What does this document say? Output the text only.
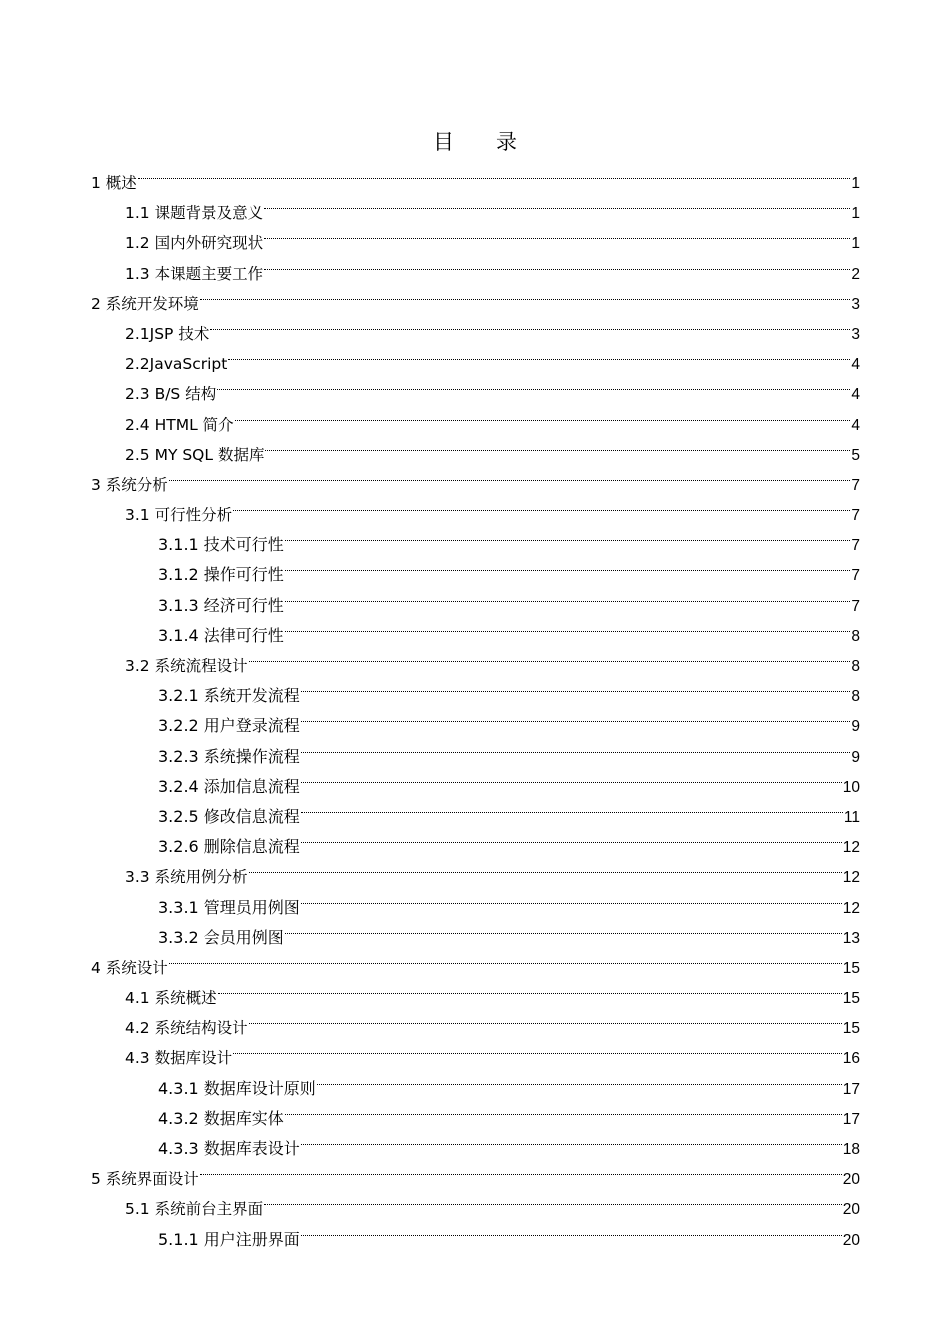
目　　录
1 概述	1
1.1 课题背景及意义	1
1.2 国内外研究现状	1
1.3 本课题主要工作	2
2 系统开发环境	3
2.1JSP 技术	3
2.2JavaScript	4
2.3 B/S 结构	4
2.4 HTML 简介	4
2.5 MY SQL 数据库	5
3 系统分析	7
3.1 可行性分析	7
3.1.1 技术可行性	7
3.1.2 操作可行性	7
3.1.3 经济可行性	7
3.1.4 法律可行性	8
3.2 系统流程设计	8
3.2.1 系统开发流程	8
3.2.2 用户登录流程	9
3.2.3 系统操作流程	9
3.2.4 添加信息流程	10
3.2.5 修改信息流程	11
3.2.6 删除信息流程	12
3.3 系统用例分析	12
3.3.1 管理员用例图	12
3.3.2 会员用例图	13
4 系统设计	15
4.1 系统概述	15
4.2 系统结构设计	15
4.3 数据库设计	16
4.3.1 数据库设计原则	17
4.3.2 数据库实体	17
4.3.3 数据库表设计	18
5 系统界面设计	20
5.1 系统前台主界面	20
5.1.1 用户注册界面	20
